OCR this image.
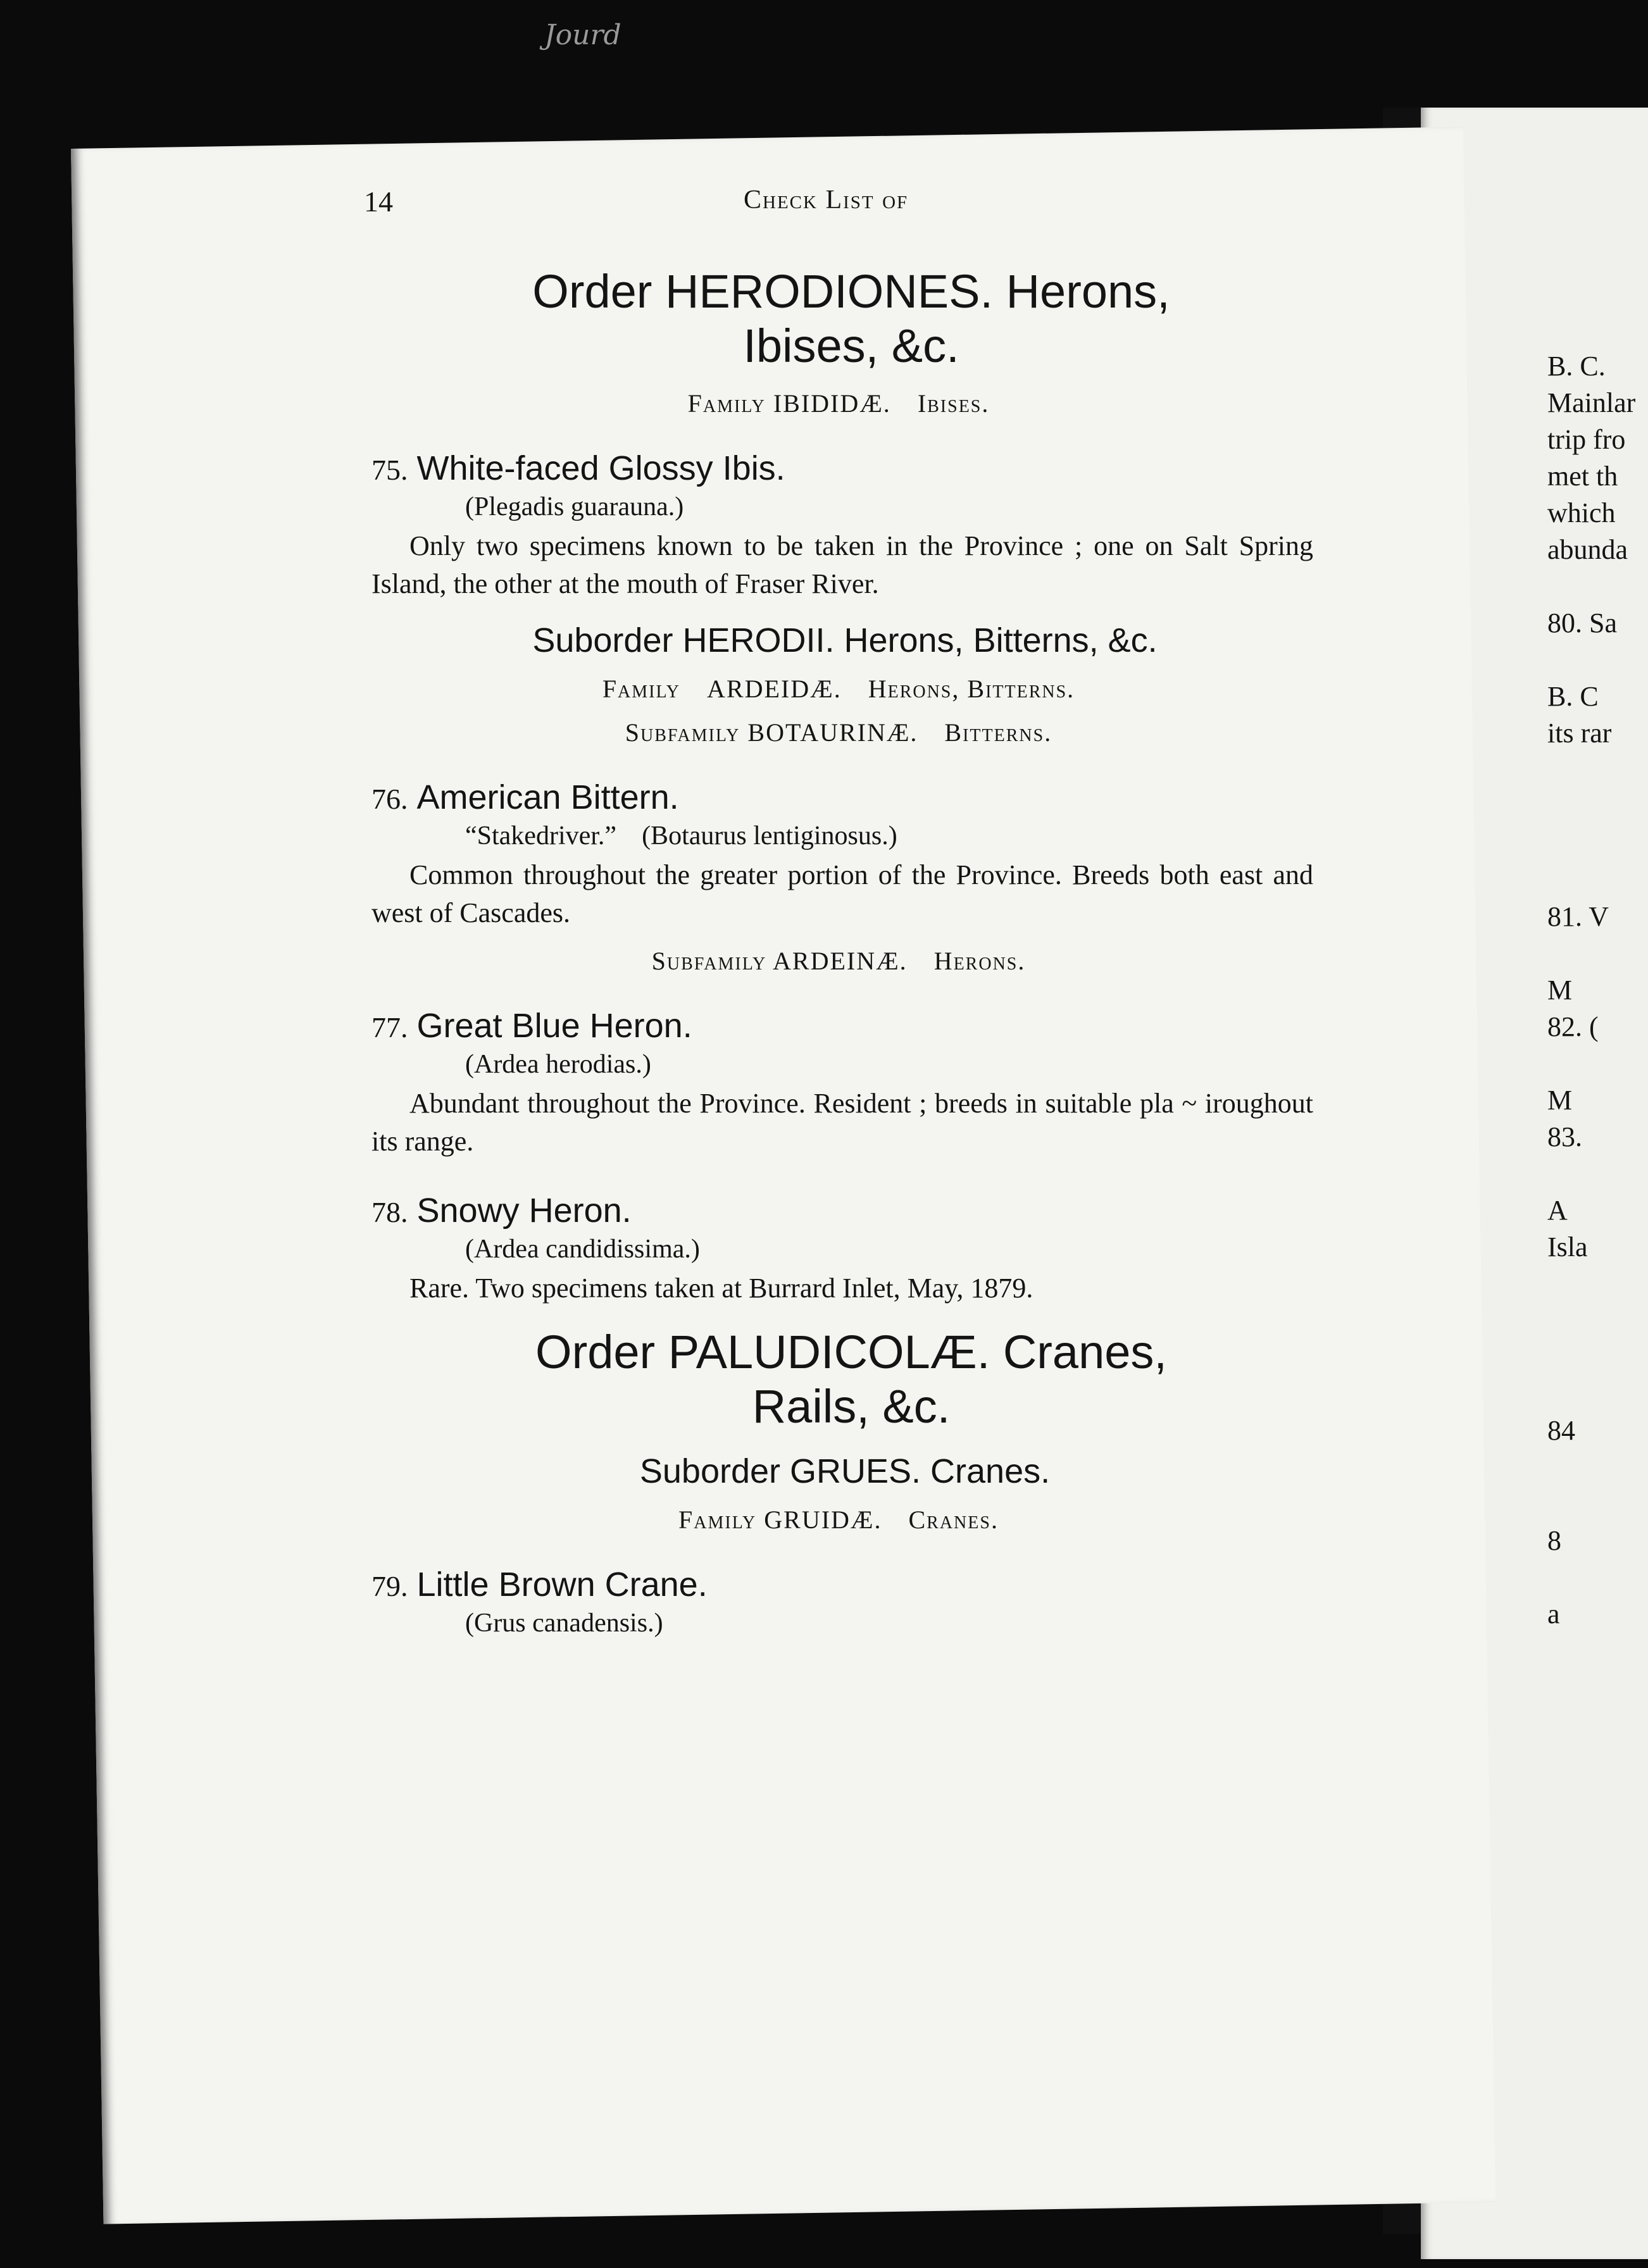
Jourd
14	Check List of
Order HERODIONES. Herons,
Ibises, &c.
Family IBIDIDÆ. Ibises.
75. White-faced Glossy Ibis.
(Plegadis guarauna.)
Only two specimens known to be taken in the Province ; one on Salt Spring Island, the other at the mouth of Fraser River.
Suborder HERODII. Herons, Bitterns, &c.
Family ARDEIDÆ. Herons, Bitterns.
Subfamily BOTAURINÆ. Bitterns.
76. American Bittern.
“Stakedriver.” (Botaurus lentiginosus.)
Common throughout the greater portion of the Province. Breeds both east and west of Cascades.
Subfamily ARDEINÆ. Herons.
77. Great Blue Heron.
(Ardea herodias.)
Abundant throughout the Province. Resident ; breeds in suitable pla ~ iroughout its range.
78. Snowy Heron.
(Ardea candidissima.)
Rare. Two specimens taken at Burrard Inlet, May, 1879.
Order PALUDICOLÆ. Cranes,
Rails, &c.
Suborder GRUES. Cranes.
Family GRUIDÆ. Cranes.
79. Little Brown Crane.
(Grus canadensis.)
B. C.
Mainlar
trip fro
met th
which
abunda

80. Sa

B. C
its rar

81. V

M
82. (

M
83.

A
Isla

84

8

a
